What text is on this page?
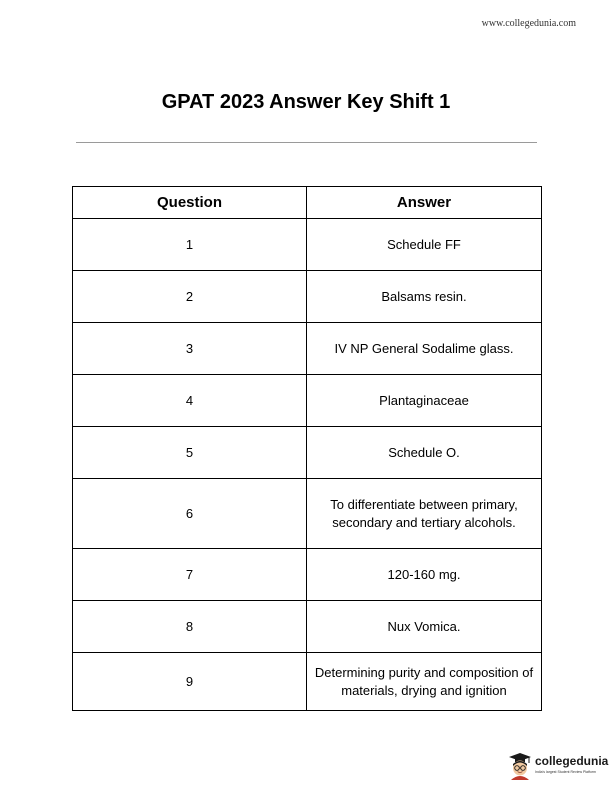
www.collegedunia.com
GPAT 2023 Answer Key Shift 1
Question	Answer
1	Schedule FF
2	Balsams resin.
3	IV NP General Sodalime glass.
4	Plantaginaceae
5	Schedule O.
6	To differentiate between primary, secondary and tertiary alcohols.
7	120-160 mg.
8	Nux Vomica.
9	Determining purity and composition of materials, drying and ignition
collegedunia
India's largest Student Review Platform
